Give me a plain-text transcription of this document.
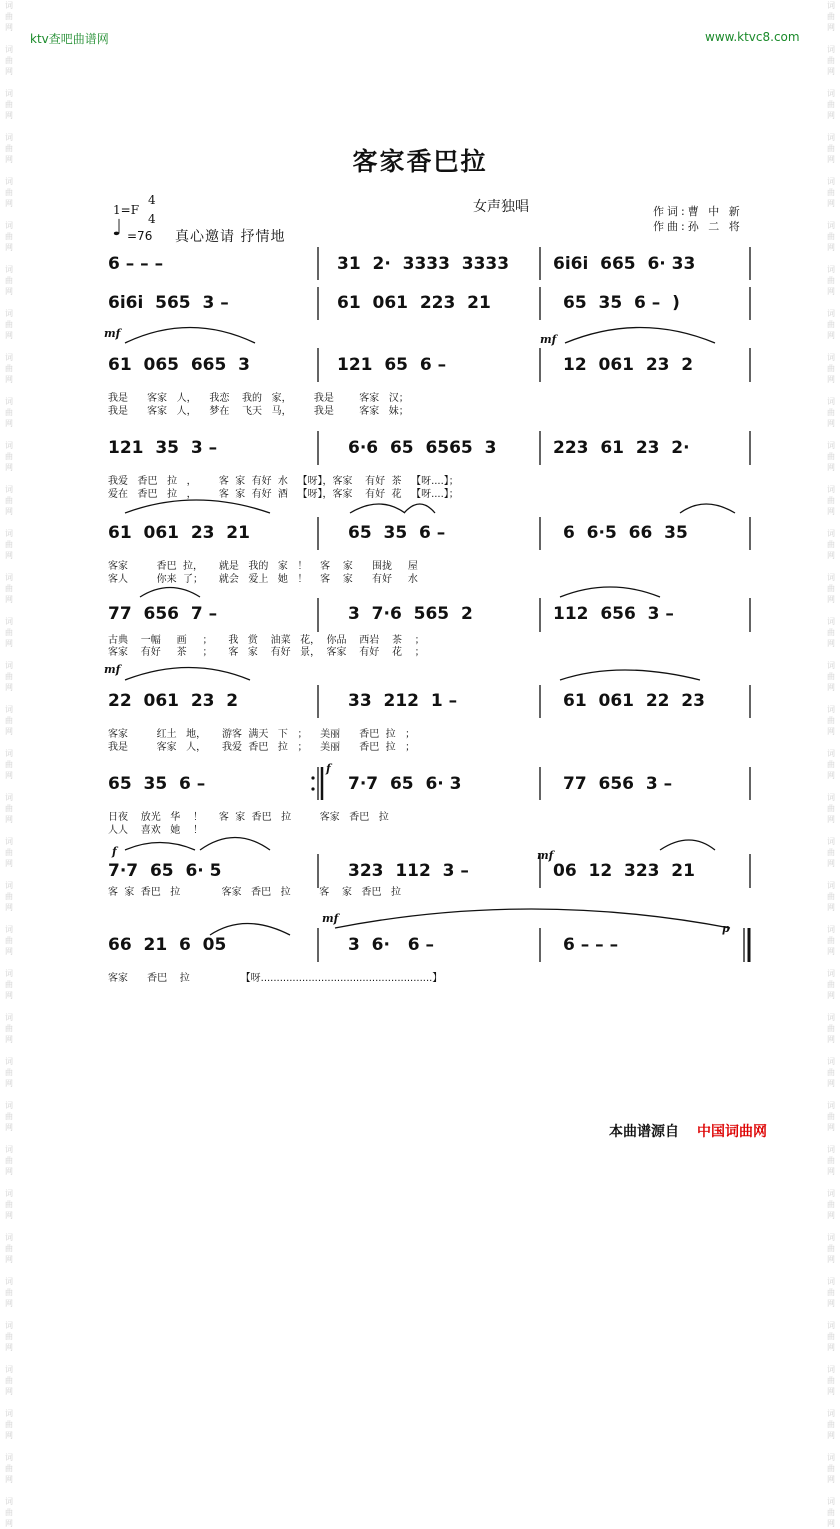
词
曲
网

词
曲
网

词
曲
网

词
曲
网

词
曲
网

词
曲
网

词
曲
网

词
曲
网

词
曲
网

词
曲
网

词
曲
网

词
曲
网

词
曲
网

词
曲
网

词
曲
网

词
曲
网

词
曲
网

词
曲
网

词
曲
网

词
曲
网

词
曲
网

词
曲
网

词
曲
网

词
曲
网

词
曲
网

词
曲
网

词
曲
网

词
曲
网

词
曲
网

词
曲
网

词
曲
网

词
曲
网

词
曲
网

词
曲
网

词
曲
网

词
曲
网

词
曲
网

词
曲
网

词
曲
网

词
曲
网

词
曲
网

词
曲
网

词
曲
网

词
曲
网

词
曲
网

词
曲
网

词
曲
网

词
曲
网

词
曲
网

词
曲
网

词
曲
网

词
曲
网

词
曲
网

词
曲
网

词
曲
网

词
曲
网

词
曲
网

词
曲
网

词
曲
网

词
曲
网

词
曲
网

词
曲
网

词
曲
网

词
曲
网

词
曲
网

词
曲
网

词
曲
网

词
曲
网

词
曲
网

词
曲
网

ktv查吧曲谱网	www.ktvc8.com
客家香巴拉
女声独唱	作词:曹 中 新
作曲:孙 二 将
1=F
4
4
♩ =76 真心邀请 抒情地
mf	mf
mf
f
f	mf
mf
p
6 – – –	31  2·  3333  3333	6i6i  665  6· 33
6i6i  565  3 –	61  061  223  21	65  35  6 –  )
61  065  665  3	121  65  6 –	12  061  23  2
我是      客家   人，    我恋    我的   家，       我是        客家   汉；
我是      客家   人，    梦在    飞天   马，       我是        客家   妹；
121  35  3 –	6·6  65  6565  3	223  61  23  2·
我爱   香巴   拉   ，       客  家  有好  水   【呀】，客家    有好  茶   【呀....】；
爱在   香巴   拉   ，       客  家  有好  酒   【呀】，客家    有好  花   【呀....】；
61  061  23  21	65  35  6 –	6  6·5  66  35
客家         香巴  拉，     就是   我的   家   ！    客    家      围拢     屋
客人         你来  了；     就会   爱上   她   ！    客    家      有好     水
77  656  7 –	3  7·6  565  2	112  656  3 –
古典    一幅     画     ；     我   赏    油菜   花，  你品    西岩    茶    ；
客家    有好     茶     ；     客   家    有好   景，  客家    有好    花    ；
22  061  23  2	33  212  1 –	61  061  22  23
客家         红土   地，     游客  满天   下   ；    美丽      香巴  拉   ；
我是         客家   人，     我爱  香巴   拉   ；    美丽      香巴  拉   ；
65  35  6 –	7·7  65  6· 3	77  656  3 –
日夜    放光   华    ！     客  家  香巴   拉         客家   香巴   拉
人人    喜欢   她    ！
7·7  65  6· 5	323  112  3 –	06  12  323  21
客  家  香巴   拉             客家   香巴   拉         客    家   香巴   拉
66  21  6  05	3  6·   6 –	6 – – –
客家      香巴    拉                【呀......................................................】
本曲谱源自 中国词曲网
